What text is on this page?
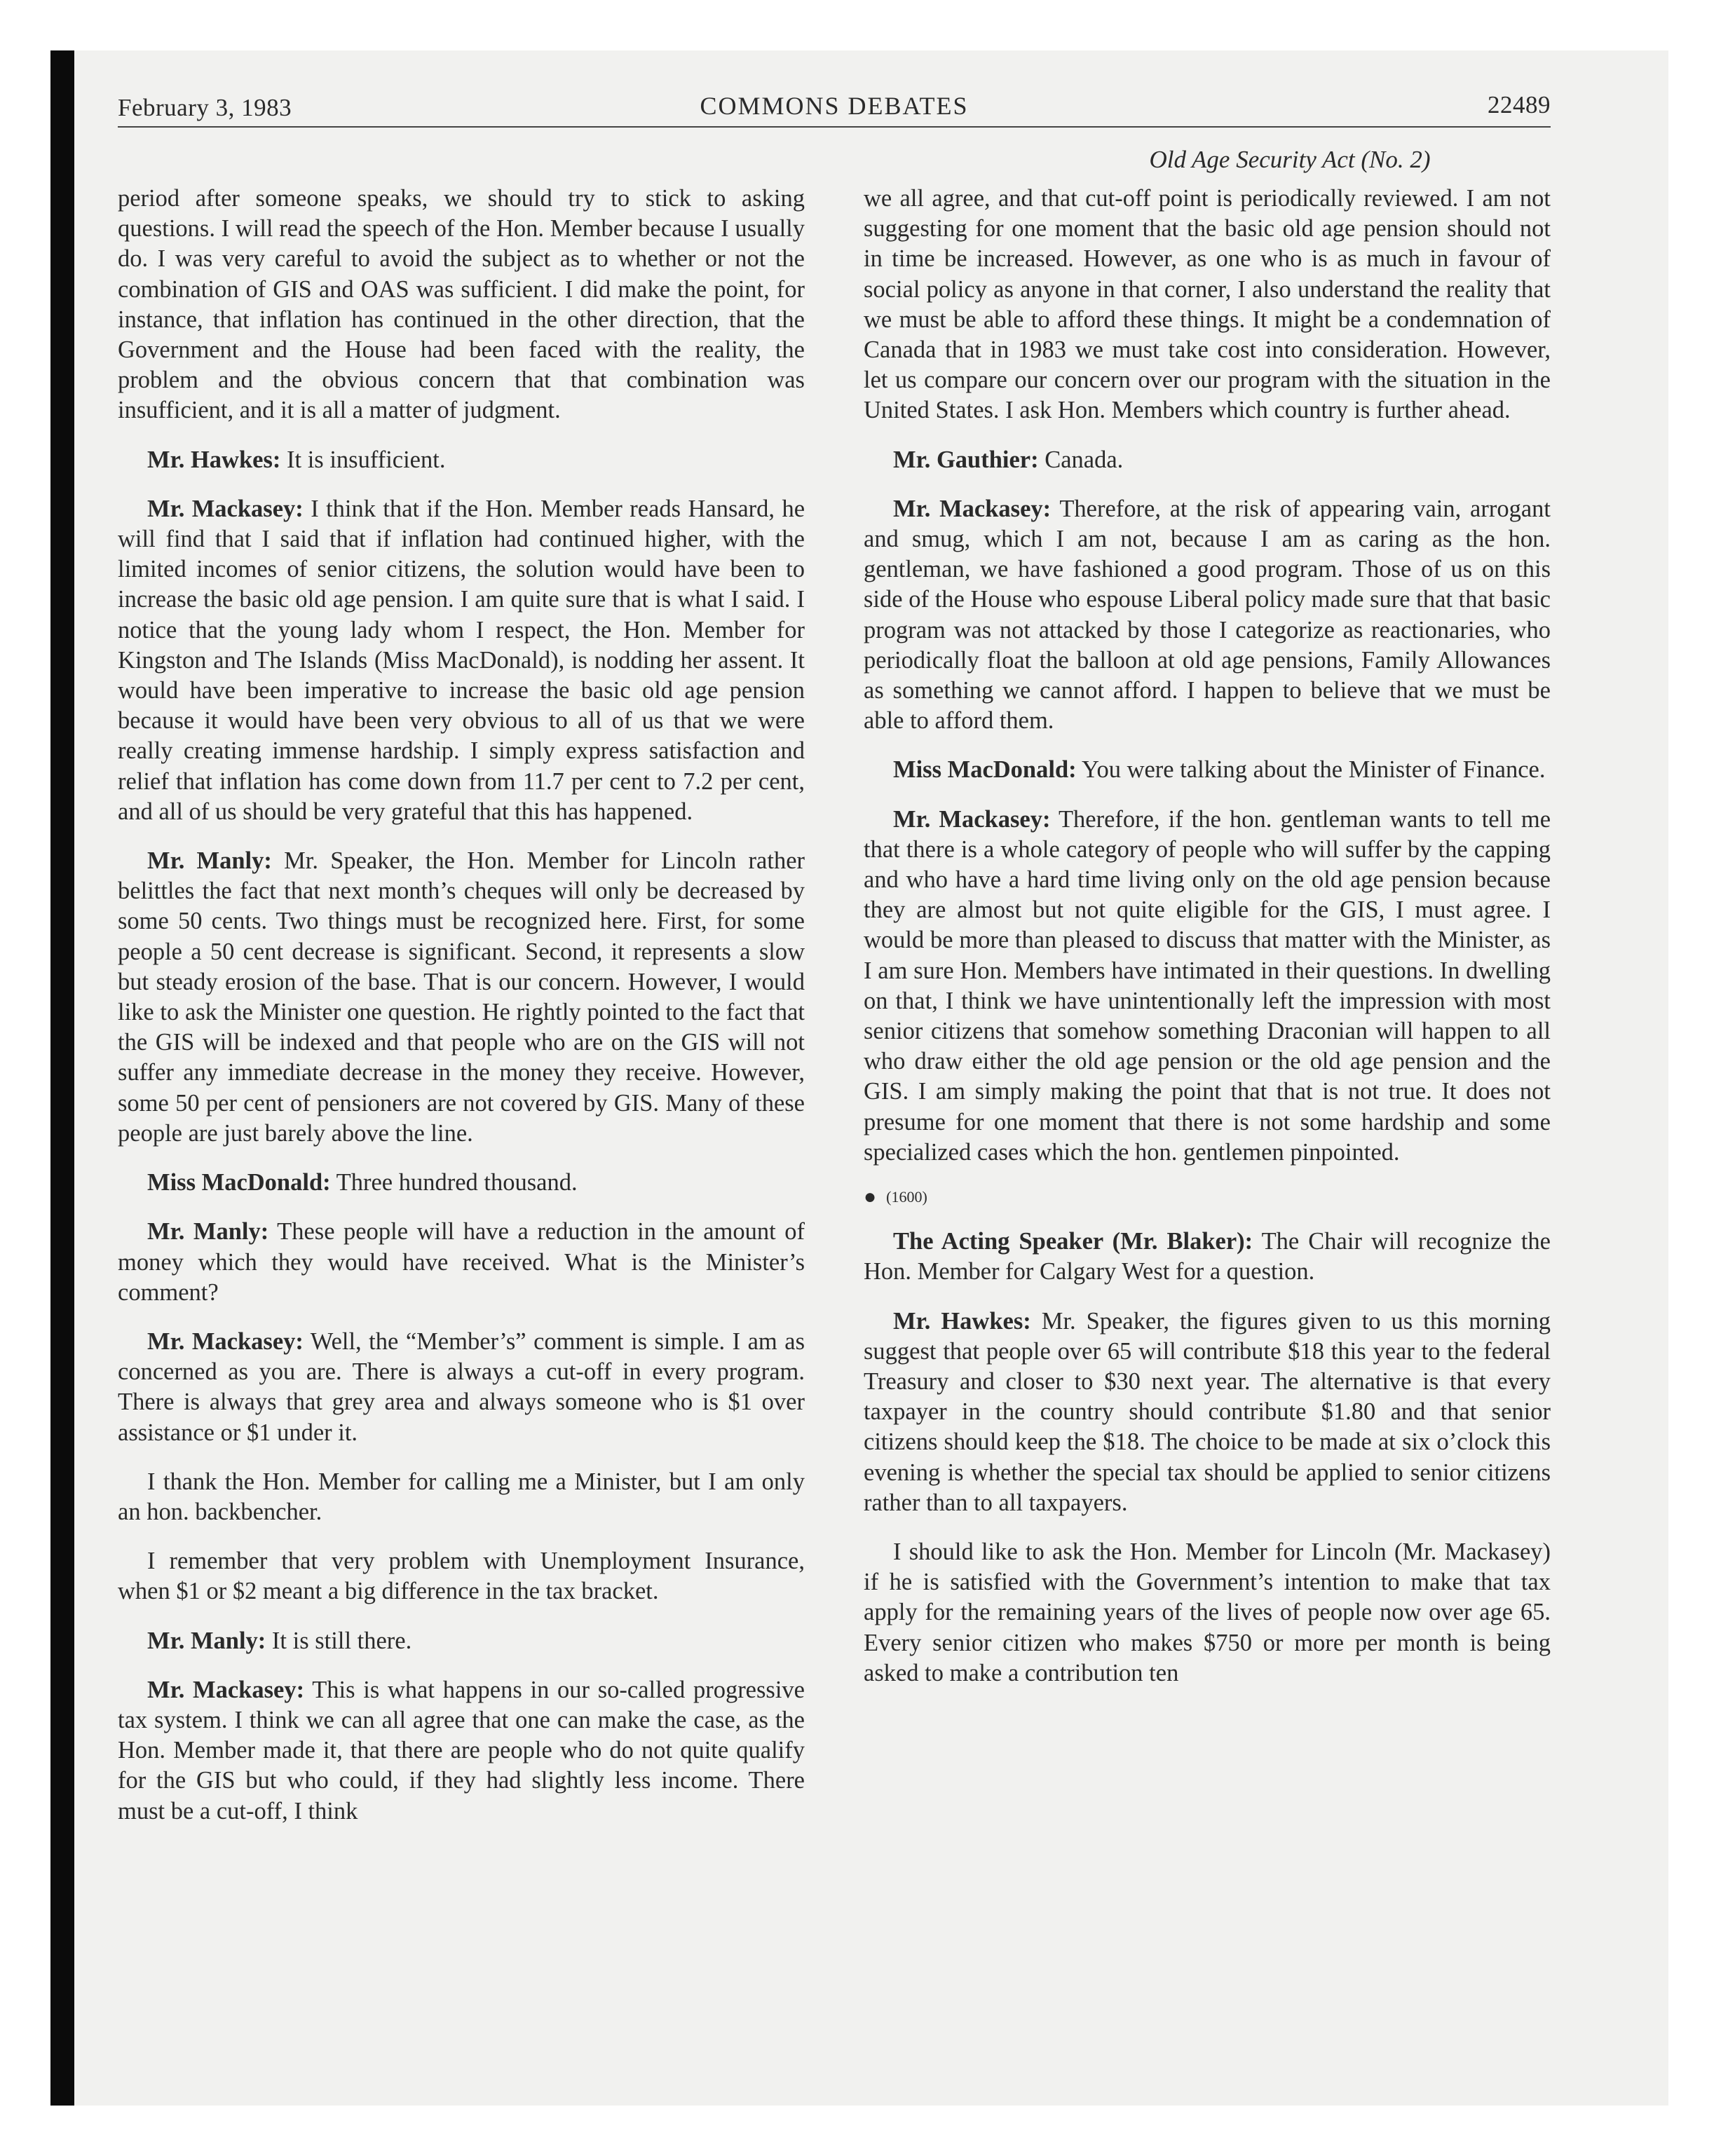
February 3, 1983	COMMONS DEBATES	22489
Old Age Security Act (No. 2)

period after someone speaks, we should try to stick to asking questions. I will read the speech of the Hon. Member because I usually do. I was very careful to avoid the subject as to whether or not the combination of GIS and OAS was sufficient. I did make the point, for instance, that inflation has continued in the other direction, that the Government and the House had been faced with the reality, the problem and the obvious concern that that combination was insufficient, and it is all a matter of judgment.

Mr. Hawkes: It is insufficient.

Mr. Mackasey: I think that if the Hon. Member reads Hansard, he will find that I said that if inflation had continued higher, with the limited incomes of senior citizens, the solution would have been to increase the basic old age pension. I am quite sure that is what I said. I notice that the young lady whom I respect, the Hon. Member for Kingston and The Islands (Miss MacDonald), is nodding her assent. It would have been imperative to increase the basic old age pension because it would have been very obvious to all of us that we were really creating immense hardship. I simply express satisfaction and relief that inflation has come down from 11.7 per cent to 7.2 per cent, and all of us should be very grateful that this has happened.

Mr. Manly: Mr. Speaker, the Hon. Member for Lincoln rather belittles the fact that next month’s cheques will only be decreased by some 50 cents. Two things must be recognized here. First, for some people a 50 cent decrease is significant. Second, it represents a slow but steady erosion of the base. That is our concern. However, I would like to ask the Minister one question. He rightly pointed to the fact that the GIS will be indexed and that people who are on the GIS will not suffer any immediate decrease in the money they receive. However, some 50 per cent of pensioners are not covered by GIS. Many of these people are just barely above the line.

Miss MacDonald: Three hundred thousand.

Mr. Manly: These people will have a reduction in the amount of money which they would have received. What is the Minister’s comment?

Mr. Mackasey: Well, the “Member’s” comment is simple. I am as concerned as you are. There is always a cut-off in every program. There is always that grey area and always someone who is $1 over assistance or $1 under it.

I thank the Hon. Member for calling me a Minister, but I am only an hon. backbencher.

I remember that very problem with Unemployment Insurance, when $1 or $2 meant a big difference in the tax bracket.

Mr. Manly: It is still there.

Mr. Mackasey: This is what happens in our so-called progressive tax system. I think we can all agree that one can make the case, as the Hon. Member made it, that there are people who do not quite qualify for the GIS but who could, if they had slightly less income. There must be a cut-off, I think

we all agree, and that cut-off point is periodically reviewed. I am not suggesting for one moment that the basic old age pension should not in time be increased. However, as one who is as much in favour of social policy as anyone in that corner, I also understand the reality that we must be able to afford these things. It might be a condemnation of Canada that in 1983 we must take cost into consideration. However, let us compare our concern over our program with the situation in the United States. I ask Hon. Members which country is further ahead.

Mr. Gauthier: Canada.

Mr. Mackasey: Therefore, at the risk of appearing vain, arrogant and smug, which I am not, because I am as caring as the hon. gentleman, we have fashioned a good program. Those of us on this side of the House who espouse Liberal policy made sure that that basic program was not attacked by those I categorize as reactionaries, who periodically float the balloon at old age pensions, Family Allowances as something we cannot afford. I happen to believe that we must be able to afford them.

Miss MacDonald: You were talking about the Minister of Finance.

Mr. Mackasey: Therefore, if the hon. gentleman wants to tell me that there is a whole category of people who will suffer by the capping and who have a hard time living only on the old age pension because they are almost but not quite eligible for the GIS, I must agree. I would be more than pleased to discuss that matter with the Minister, as I am sure Hon. Members have intimated in their questions. In dwelling on that, I think we have unintentionally left the impression with most senior citizens that somehow something Draconian will happen to all who draw either the old age pension or the old age pension and the GIS. I am simply making the point that that is not true. It does not presume for one moment that there is not some hardship and some specialized cases which the hon. gentlemen pinpointed.

● (1600)

The Acting Speaker (Mr. Blaker): The Chair will recognize the Hon. Member for Calgary West for a question.

Mr. Hawkes: Mr. Speaker, the figures given to us this morning suggest that people over 65 will contribute $18 this year to the federal Treasury and closer to $30 next year. The alternative is that every taxpayer in the country should contribute $1.80 and that senior citizens should keep the $18. The choice to be made at six o’clock this evening is whether the special tax should be applied to senior citizens rather than to all taxpayers.

I should like to ask the Hon. Member for Lincoln (Mr. Mackasey) if he is satisfied with the Government’s intention to make that tax apply for the remaining years of the lives of people now over age 65. Every senior citizen who makes $750 or more per month is being asked to make a contribution ten
